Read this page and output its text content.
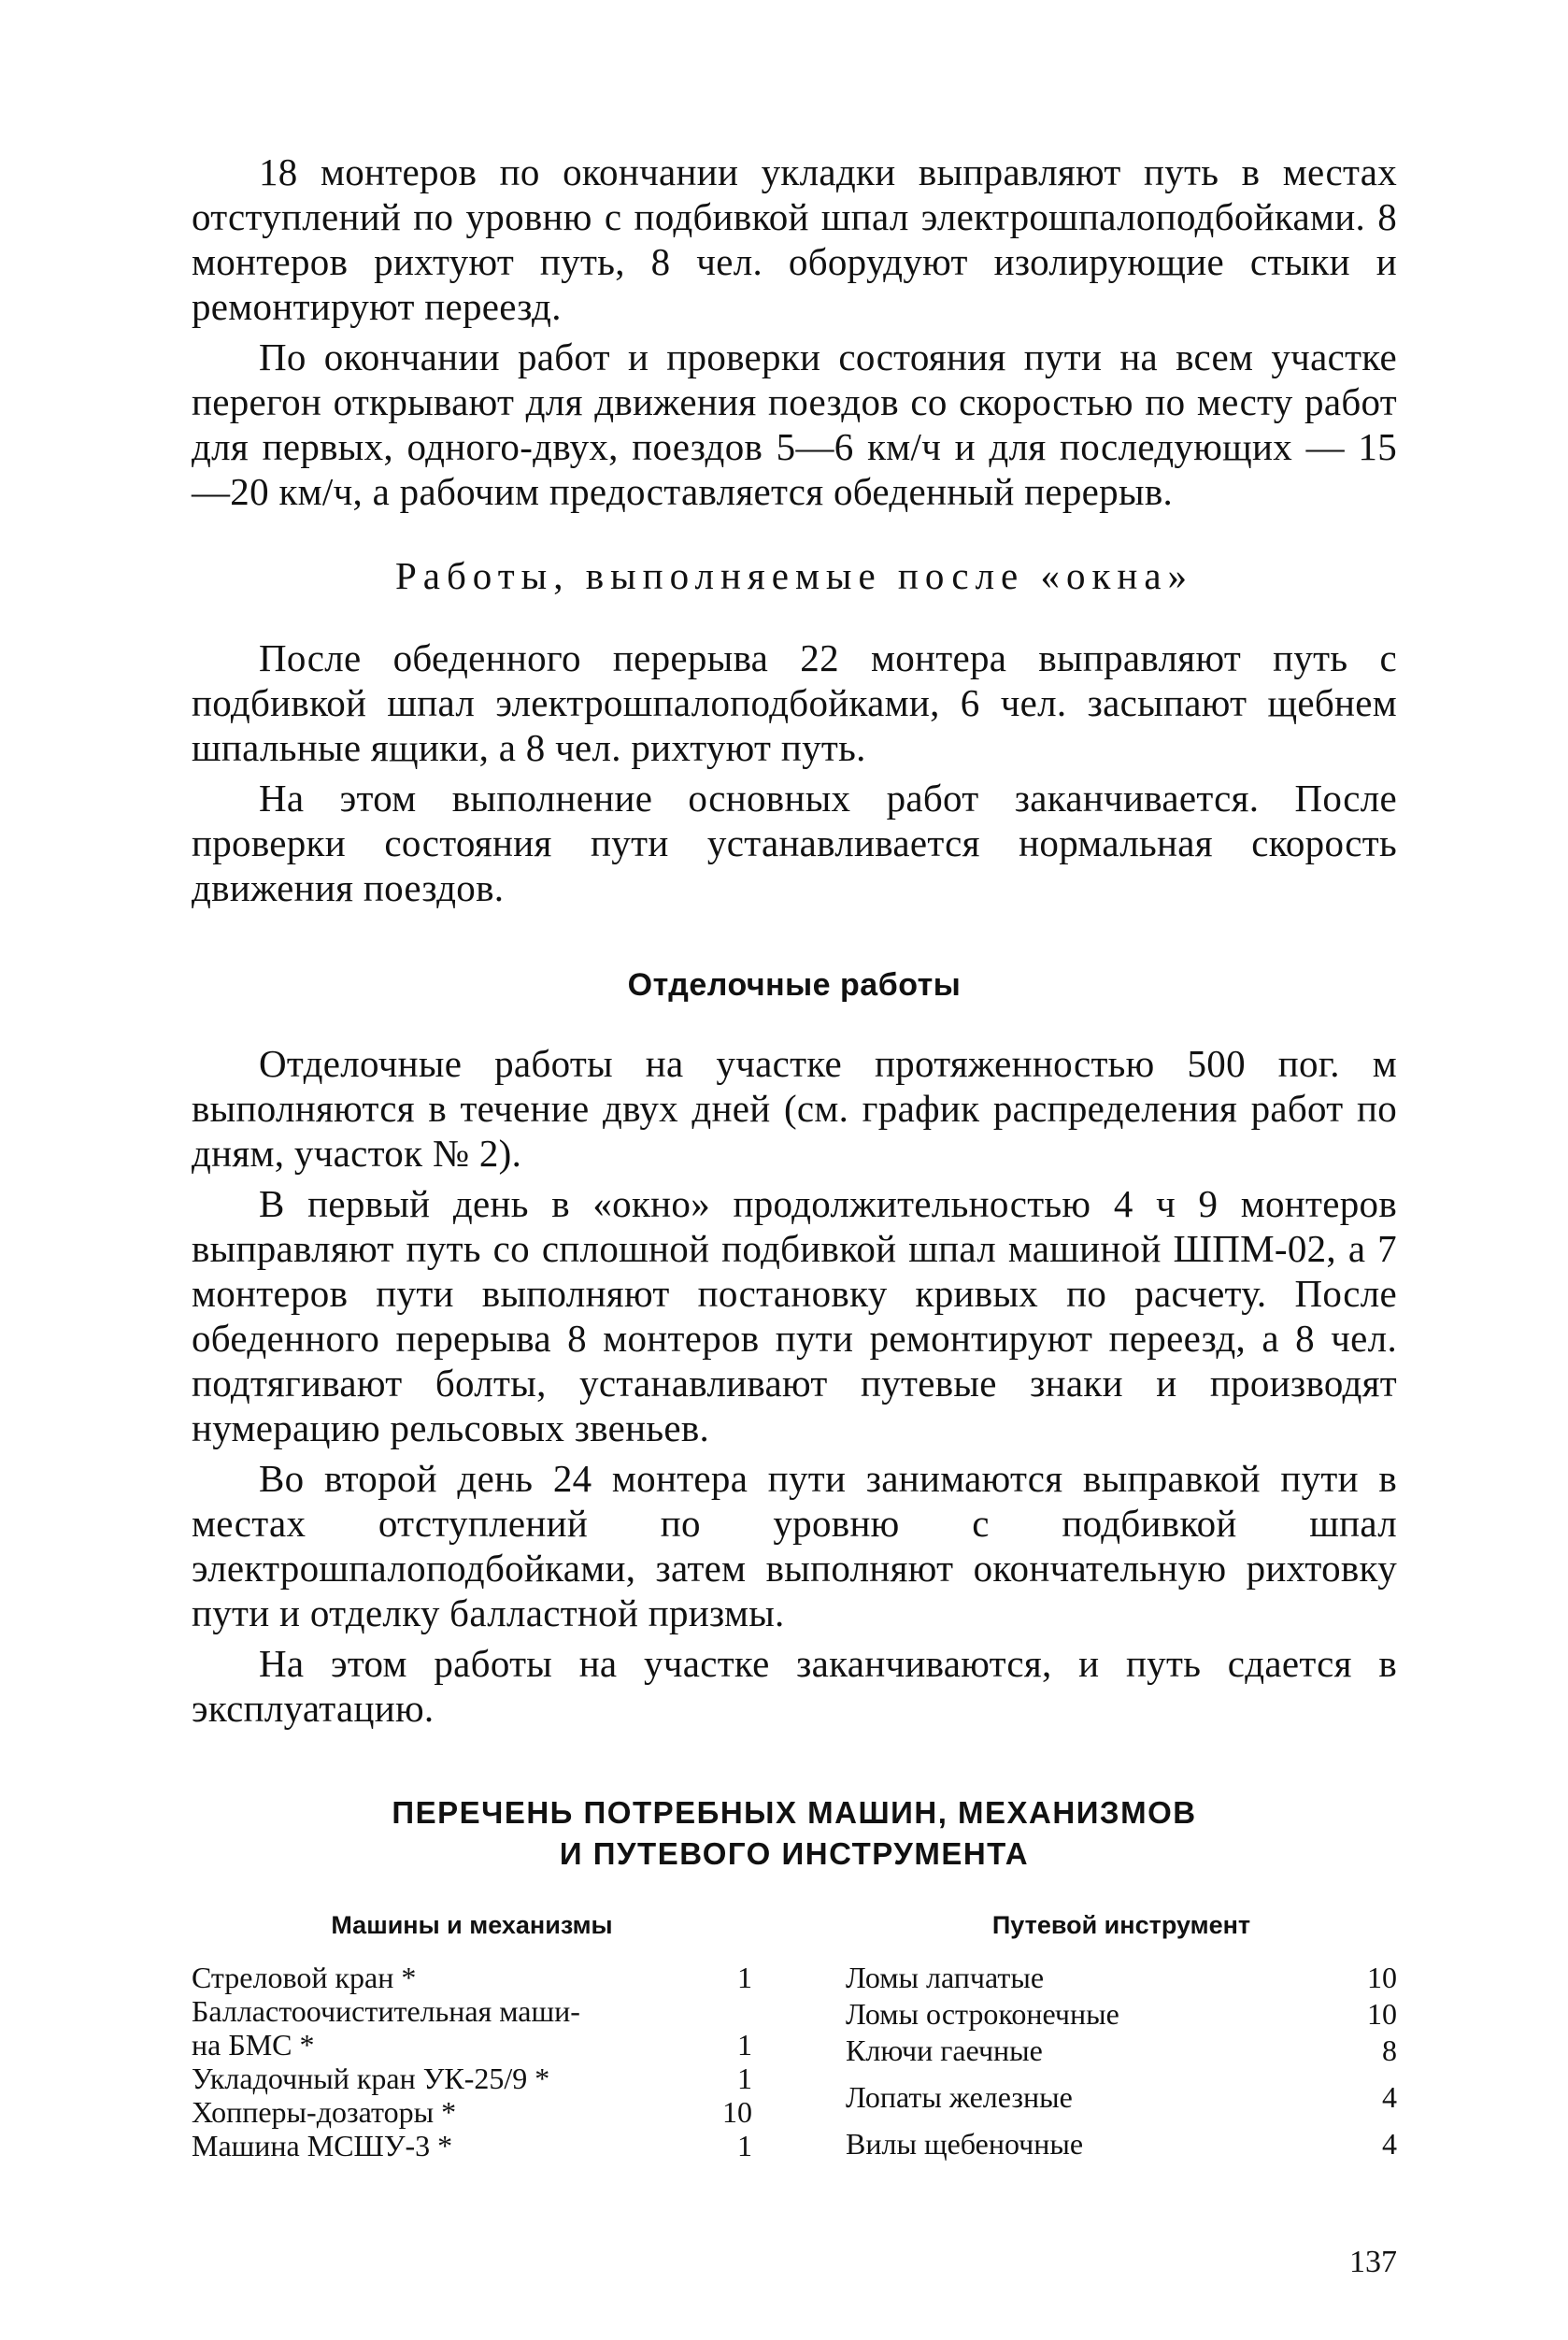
18 монтеров по окончании укладки выправляют путь в местах отступлений по уровню с подбивкой шпал электрошпалоподбойками. 8 монтеров рихтуют путь, 8 чел. оборудуют изолирующие стыки и ремонтируют переезд.

По окончании работ и проверки состояния пути на всем участке перегон открывают для движения поездов со скоростью по месту работ для первых, одного-двух, поездов 5—6 км/ч и для последующих — 15—20 км/ч, а рабочим предоставляется обеденный перерыв.

Работы, выполняемые после «окна»

После обеденного перерыва 22 монтера выправляют путь с подбивкой шпал электрошпалоподбойками, 6 чел. засыпают щебнем шпальные ящики, а 8 чел. рихтуют путь.

На этом выполнение основных работ заканчивается. После проверки состояния пути устанавливается нормальная скорость движения поездов.

Отделочные работы

Отделочные работы на участке протяженностью 500 пог. м выполняются в течение двух дней (см. график распределения работ по дням, участок № 2).

В первый день в «окно» продолжительностью 4 ч 9 монтеров выправляют путь со сплошной подбивкой шпал машиной ШПМ-02, а 7 монтеров пути выполняют постановку кривых по расчету. После обеденного перерыва 8 монтеров пути ремонтируют переезд, а 8 чел. подтягивают болты, устанавливают путевые знаки и производят нумерацию рельсовых звеньев.

Во второй день 24 монтера пути занимаются выправкой пути в местах отступлений по уровню с подбивкой шпал электрошпалоподбойками, затем выполняют окончательную рихтовку пути и отделку балластной призмы.

На этом работы на участке заканчиваются, и путь сдается в эксплуатацию.

ПЕРЕЧЕНЬ ПОТРЕБНЫХ МАШИН, МЕХАНИЗМОВ
И ПУТЕВОГО ИНСТРУМЕНТА
Машины и механизмы
Стреловой кран *	1
Балластоочистительная маши-
на БМС *	1
Укладочный кран УК-25/9 *	1
Хопперы-дозаторы *	10
Машина МСШУ-3 *	1
Путевой инструмент
Ломы лапчатые	10
Ломы остроконечные	10
Ключи гаечные	8
Лопаты железные	4
Вилы щебеночные	4
137
